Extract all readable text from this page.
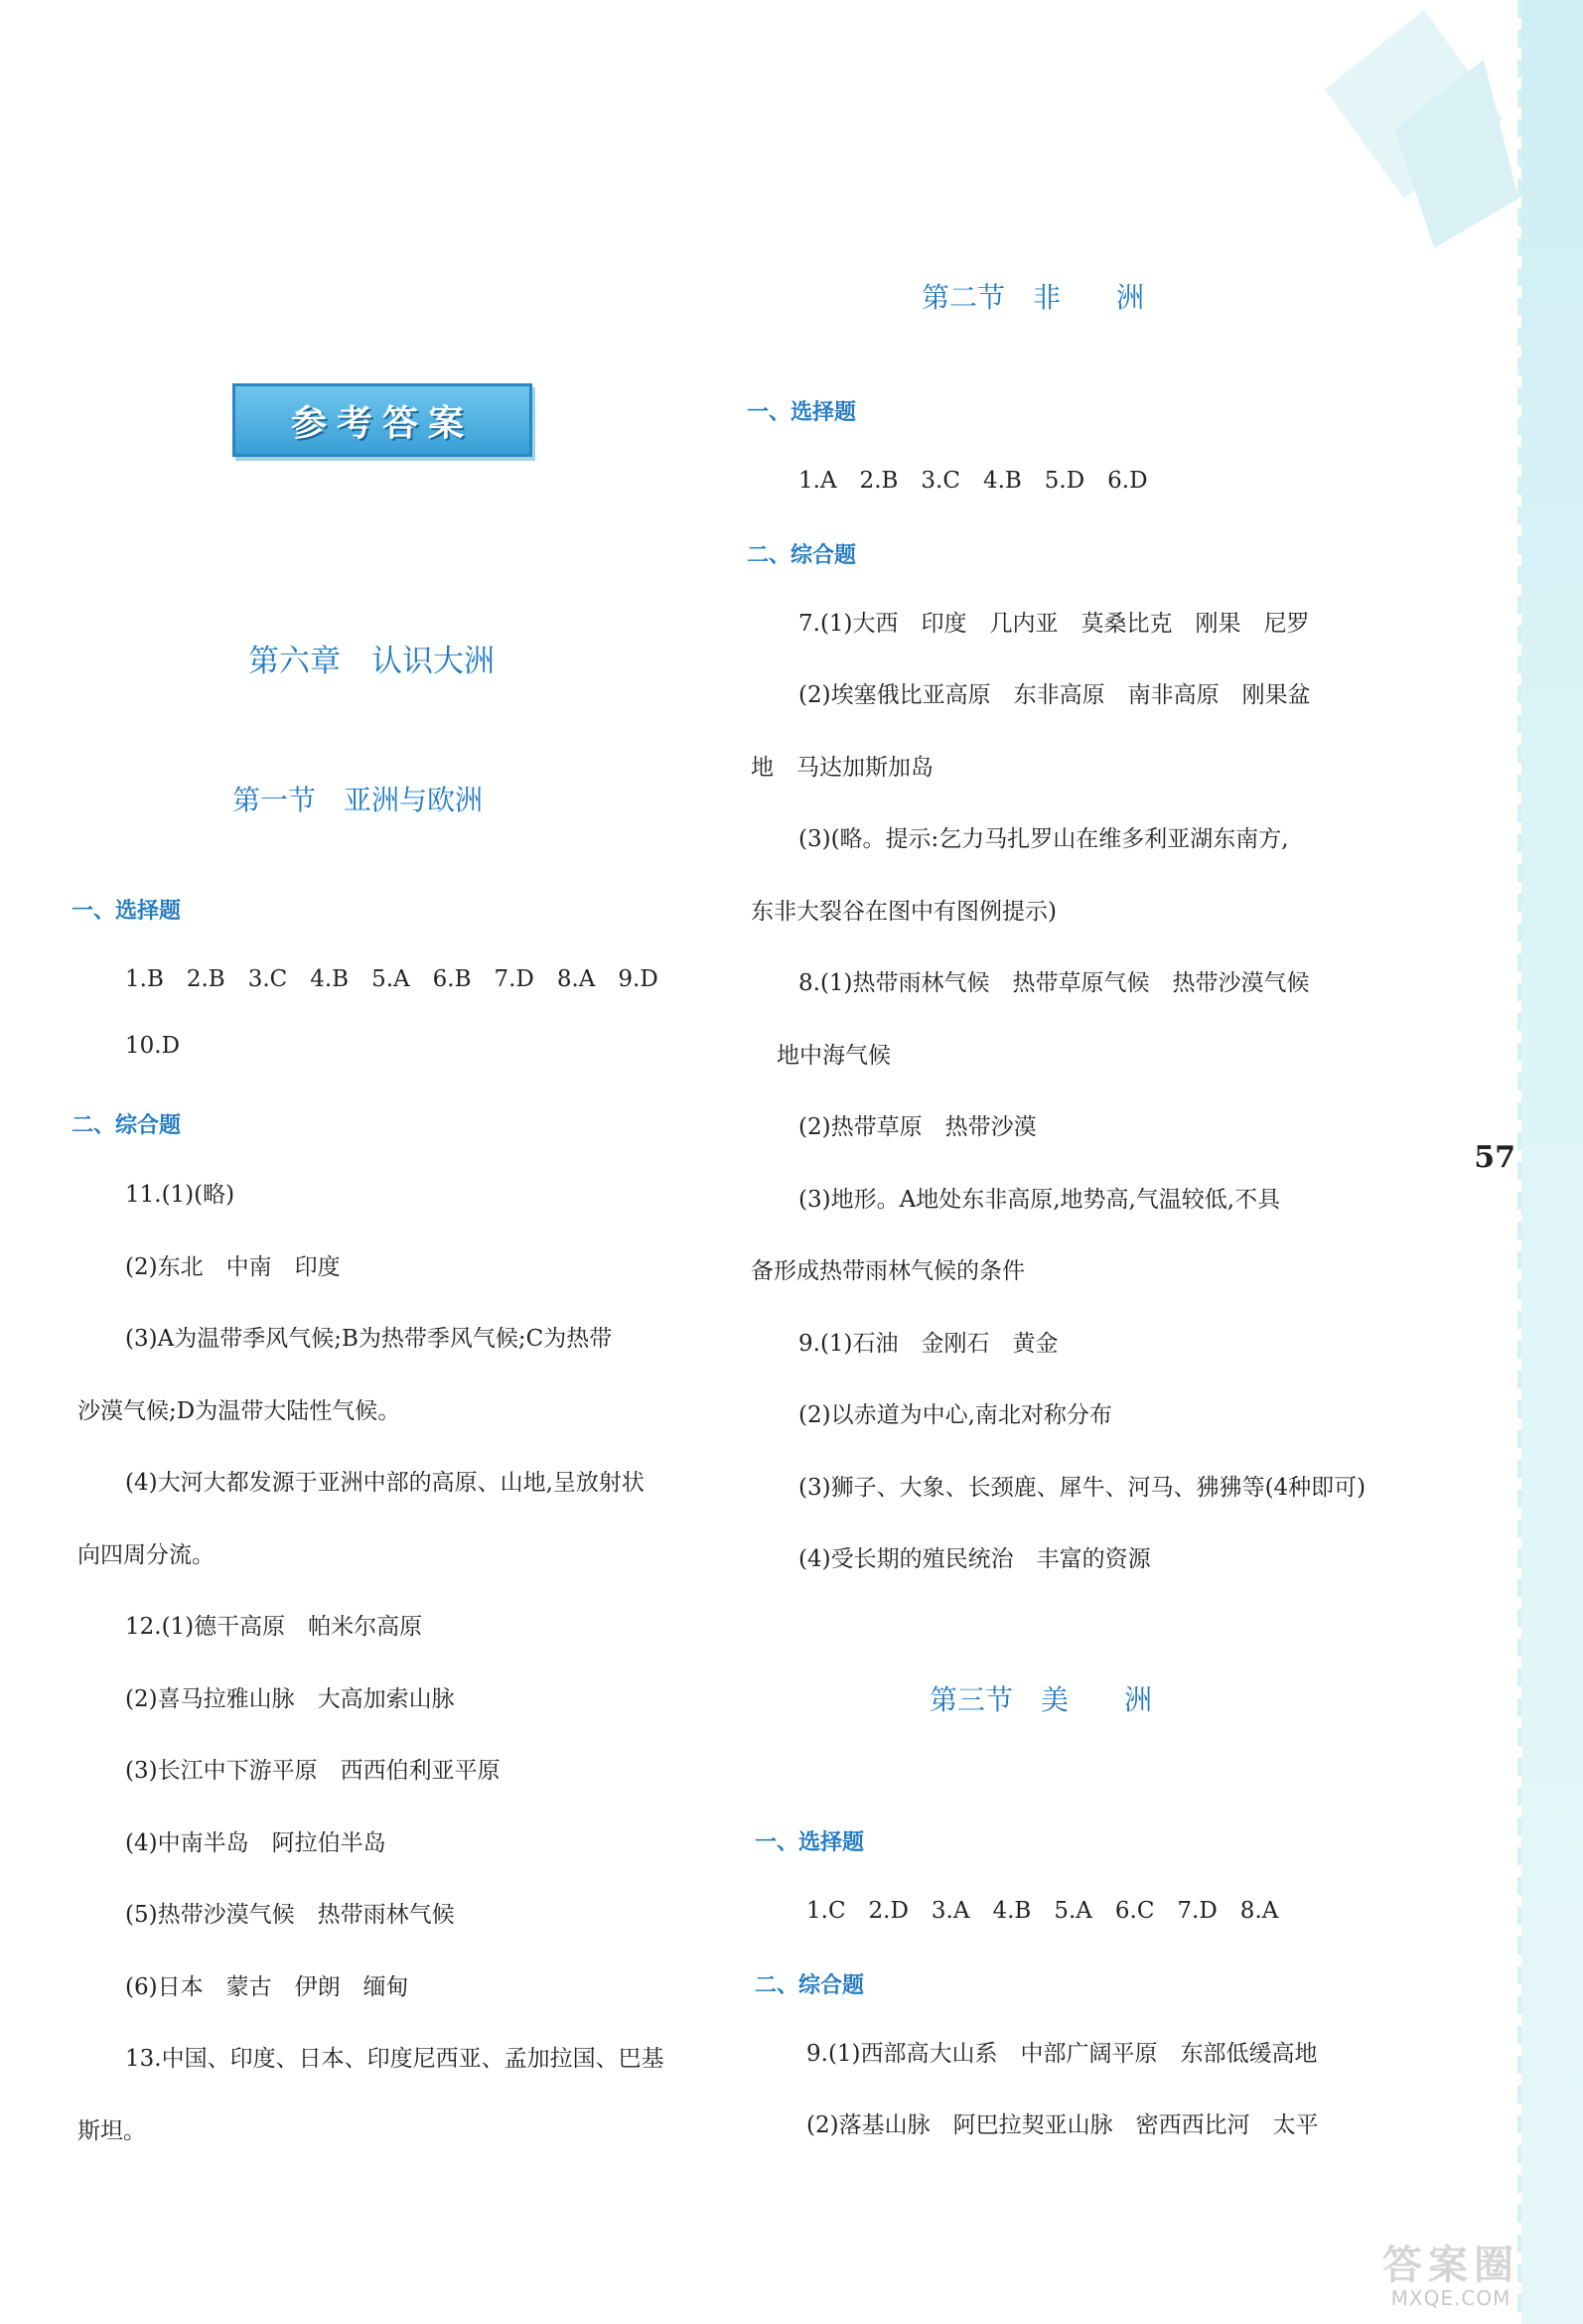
参考答案
第六章　认识大洲
第一节　亚洲与欧洲
一、选择题
1.B　2.B　3.C　4.B　5.A　6.B　7.D　8.A　9.D
10.D
二、综合题
11.(1)(略)
(2)东北　中南　印度
(3)A为温带季风气候;B为热带季风气候;C为热带
沙漠气候;D为温带大陆性气候。
(4)大河大都发源于亚洲中部的高原、山地,呈放射状
向四周分流。
12.(1)德干高原　帕米尔高原
(2)喜马拉雅山脉　大高加索山脉
(3)长江中下游平原　西西伯利亚平原
(4)中南半岛　阿拉伯半岛
(5)热带沙漠气候　热带雨林气候
(6)日本　蒙古　伊朗　缅甸
13.中国、印度、日本、印度尼西亚、孟加拉国、巴基
斯坦。
第二节　非　　洲
一、选择题
1.A　2.B　3.C　4.B　5.D　6.D
二、综合题
7.(1)大西　印度　几内亚　莫桑比克　刚果　尼罗
(2)埃塞俄比亚高原　东非高原　南非高原　刚果盆
地　马达加斯加岛
(3)(略。提示:乞力马扎罗山在维多利亚湖东南方,
东非大裂谷在图中有图例提示)
8.(1)热带雨林气候　热带草原气候　热带沙漠气候
地中海气候
(2)热带草原　热带沙漠
(3)地形。A地处东非高原,地势高,气温较低,不具
备形成热带雨林气候的条件
9.(1)石油　金刚石　黄金
(2)以赤道为中心,南北对称分布
(3)狮子、大象、长颈鹿、犀牛、河马、狒狒等(4种即可)
(4)受长期的殖民统治　丰富的资源
第三节　美　　洲
一、选择题
1.C　2.D　3.A　4.B　5.A　6.C　7.D　8.A
二、综合题
9.(1)西部高大山系　中部广阔平原　东部低缓高地
(2)落基山脉　阿巴拉契亚山脉　密西西比河　太平
57
答案圈
MXQE.COM
